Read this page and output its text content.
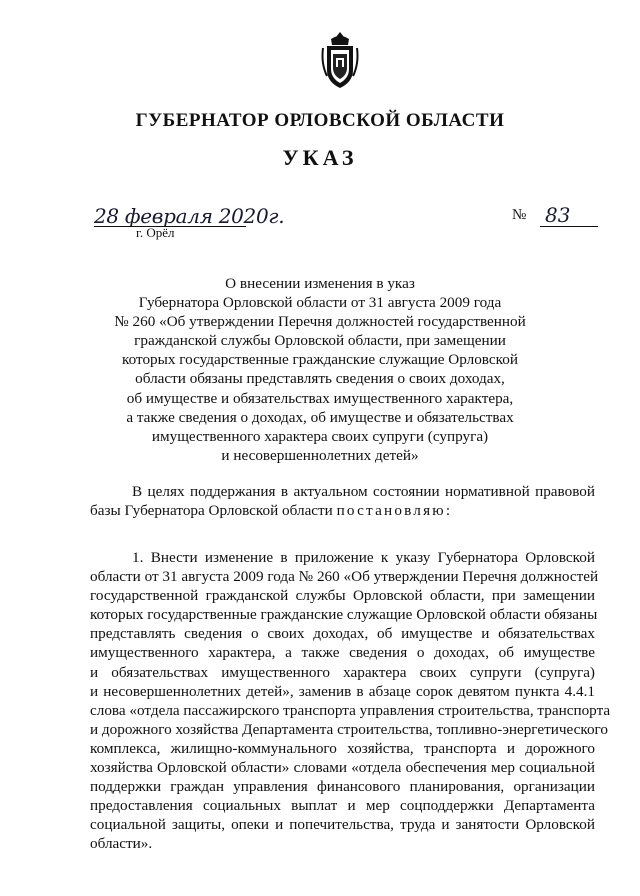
ГУБЕРНАТОР ОРЛОВСКОЙ ОБЛАСТИ
УКАЗ
28 февраля 2020г.
г. Орёл
№ 83
О внесении изменения в указ
Губернатора Орловской области от 31 августа 2009 года
№ 260 «Об утверждении Перечня должностей государственной
гражданской службы Орловской области, при замещении
которых государственные гражданские служащие Орловской
области обязаны представлять сведения о своих доходах,
об имуществе и обязательствах имущественного характера,
а также сведения о доходах, об имуществе и обязательствах
имущественного характера своих супруги (супруга)
и несовершеннолетних детей»
В целях поддержания в актуальном состоянии нормативной правовой
базы Губернатора Орловской области постановляю:
1. Внести изменение в приложение к указу Губернатора Орловской
области от 31 августа 2009 года № 260 «Об утверждении Перечня должностей
государственной гражданской службы Орловской области, при замещении
которых государственные гражданские служащие Орловской области обязаны
представлять сведения о своих доходах, об имуществе и обязательствах
имущественного характера, а также сведения о доходах, об имуществе
и обязательствах имущественного характера своих супруги (супруга)
и несовершеннолетних детей», заменив в абзаце сорок девятом пункта 4.4.1
слова «отдела пассажирского транспорта управления строительства, транспорта
и дорожного хозяйства Департамента строительства, топливно-энергетического
комплекса, жилищно-коммунального хозяйства, транспорта и дорожного
хозяйства Орловской области» словами «отдела обеспечения мер социальной
поддержки граждан управления финансового планирования, организации
предоставления социальных выплат и мер соцподдержки Департамента
социальной защиты, опеки и попечительства, труда и занятости Орловской
области».
